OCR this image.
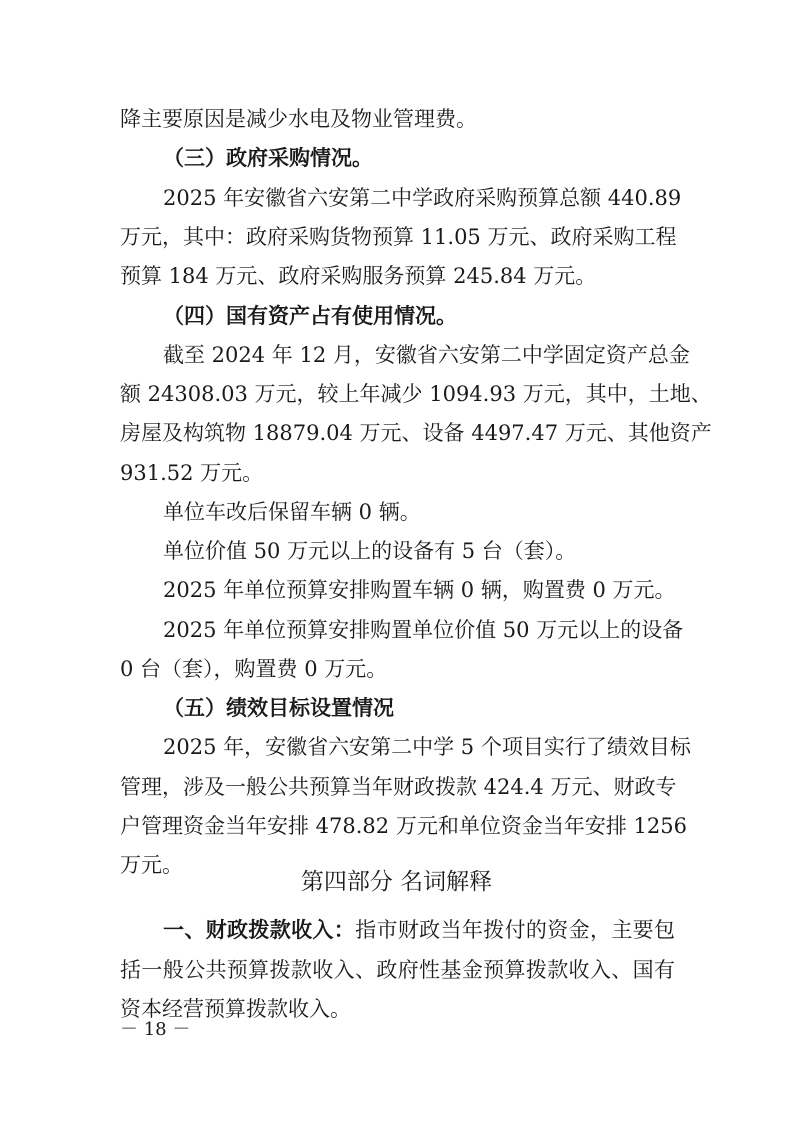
降主要原因是减少水电及物业管理费。
（三）政府采购情况。
2025 年安徽省六安第二中学政府采购预算总额 440.89
万元，其中：政府采购货物预算 11.05 万元、政府采购工程
预算 184 万元、政府采购服务预算 245.84 万元。
（四）国有资产占有使用情况。
截至 2024 年 12 月，安徽省六安第二中学固定资产总金
额 24308.03 万元，较上年减少 1094.93 万元，其中，土地、
房屋及构筑物 18879.04 万元、设备 4497.47 万元、其他资产
931.52 万元。
单位车改后保留车辆 0 辆。
单位价值 50 万元以上的设备有 5 台（套）。
2025 年单位预算安排购置车辆 0 辆，购置费 0 万元。
2025 年单位预算安排购置单位价值 50 万元以上的设备
0 台（套），购置费 0 万元。
（五）绩效目标设置情况
2025 年，安徽省六安第二中学 5 个项目实行了绩效目标
管理，涉及一般公共预算当年财政拨款 424.4 万元、财政专
户管理资金当年安排 478.82 万元和单位资金当年安排 1256
万元。
第四部分 名词解释
一、财政拨款收入：指市财政当年拨付的资金，主要包
括一般公共预算拨款收入、政府性基金预算拨款收入、国有
资本经营预算拨款收入。
－ 18 －
